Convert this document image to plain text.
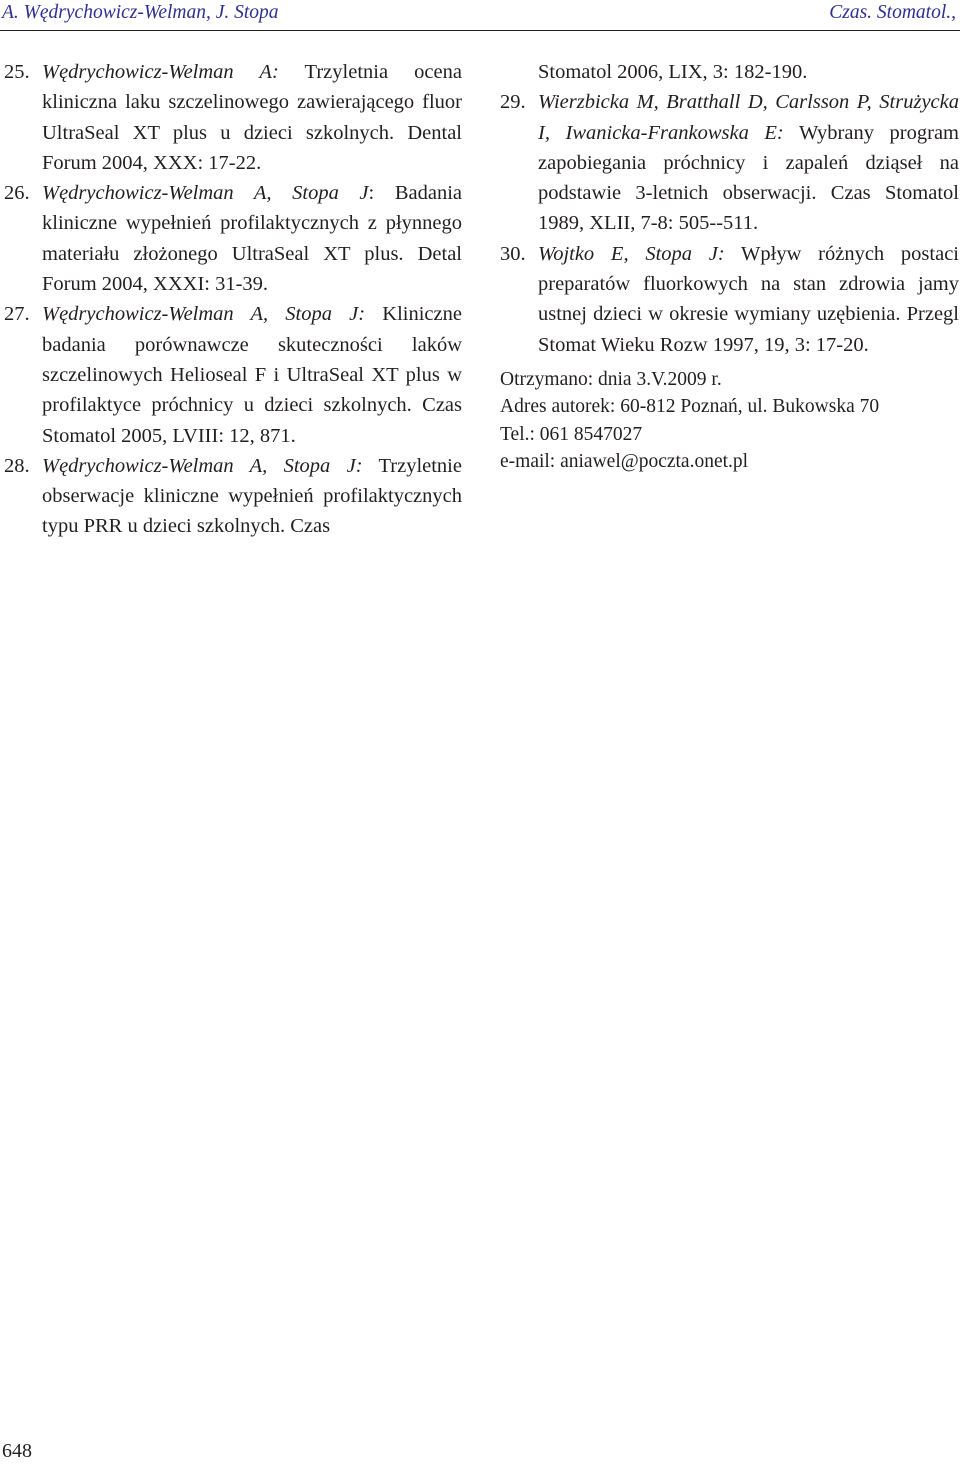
A. Wędrychowicz-Welman, J. Stopa	Czas. Stomatol.,
25. Wędrychowicz-Welman A: Trzyletnia ocena kliniczna laku szczelinowego zawierającego fluor UltraSeal XT plus u dzieci szkolnych. Dental Forum 2004, XXX: 17-22.
26. Wędrychowicz-Welman A, Stopa J: Badania kliniczne wypełnień profilaktycznych z płynnego materiału złożonego UltraSeal XT plus. Detal Forum 2004, XXXI: 31-39.
27. Wędrychowicz-Welman A, Stopa J: Kliniczne badania porównawcze skuteczności laków szczelinowych Helioseal F i UltraSeal XT plus w profilaktyce próchnicy u dzieci szkolnych. Czas Stomatol 2005, LVIII: 12, 871.
28. Wędrychowicz-Welman A, Stopa J: Trzyletnie obserwacje kliniczne wypełnień profilaktycznych typu PRR u dzieci szkolnych. Czas
Stomatol 2006, LIX, 3: 182-190.
29. Wierzbicka M, Bratthall D, Carlsson P, Strużycka I, Iwanicka-Frankowska E: Wybrany program zapobiegania próchnicy i zapaleń dziąseł na podstawie 3-letnich obserwacji. Czas Stomatol 1989, XLII, 7-8: 505--511.
30. Wojtko E, Stopa J: Wpływ różnych postaci preparatów fluorkowych na stan zdrowia jamy ustnej dzieci w okresie wymiany uzębienia. Przegl Stomat Wieku Rozw 1997, 19, 3: 17-20.
Otrzymano: dnia 3.V.2009 r.
Adres autorek: 60-812 Poznań, ul. Bukowska 70
Tel.: 061 8547027
e-mail: aniawel@poczta.onet.pl
648
